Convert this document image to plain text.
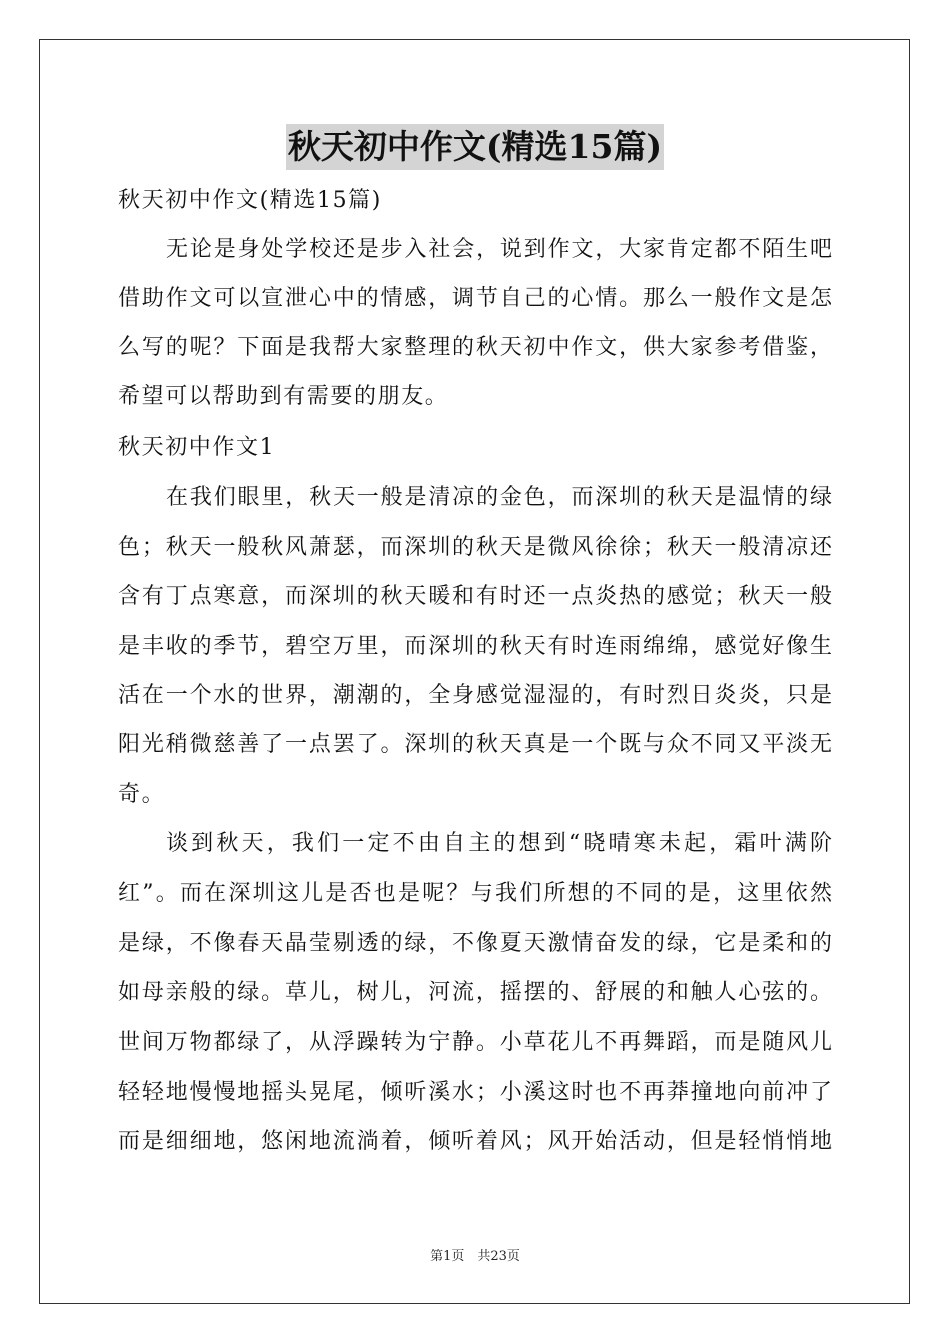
秋天初中作文(精选15篇)
秋天初中作文(精选15篇)
无论是身处学校还是步入社会，说到作文，大家肯定都不陌生吧
借助作文可以宣泄心中的情感，调节自己的心情。那么一般作文是怎
么写的呢？下面是我帮大家整理的秋天初中作文，供大家参考借鉴，
希望可以帮助到有需要的朋友。
秋天初中作文1
在我们眼里，秋天一般是清凉的金色，而深圳的秋天是温情的绿
色；秋天一般秋风萧瑟，而深圳的秋天是微风徐徐；秋天一般清凉还
含有丁点寒意，而深圳的秋天暖和有时还一点炎热的感觉；秋天一般
是丰收的季节，碧空万里，而深圳的秋天有时连雨绵绵，感觉好像生
活在一个水的世界，潮潮的，全身感觉湿湿的，有时烈日炎炎，只是
阳光稍微慈善了一点罢了。深圳的秋天真是一个既与众不同又平淡无
奇。
谈到秋天，我们一定不由自主的想到“晓晴寒未起，霜叶满阶
红”。而在深圳这儿是否也是呢？与我们所想的不同的是，这里依然
是绿，不像春天晶莹剔透的绿，不像夏天激情奋发的绿，它是柔和的
如母亲般的绿。草儿，树儿，河流，摇摆的、舒展的和触人心弦的。
世间万物都绿了，从浮躁转为宁静。小草花儿不再舞蹈，而是随风儿
轻轻地慢慢地摇头晃尾，倾听溪水；小溪这时也不再莽撞地向前冲了
而是细细地，悠闲地流淌着，倾听着风；风开始活动，但是轻悄悄地
第1页　共23页
